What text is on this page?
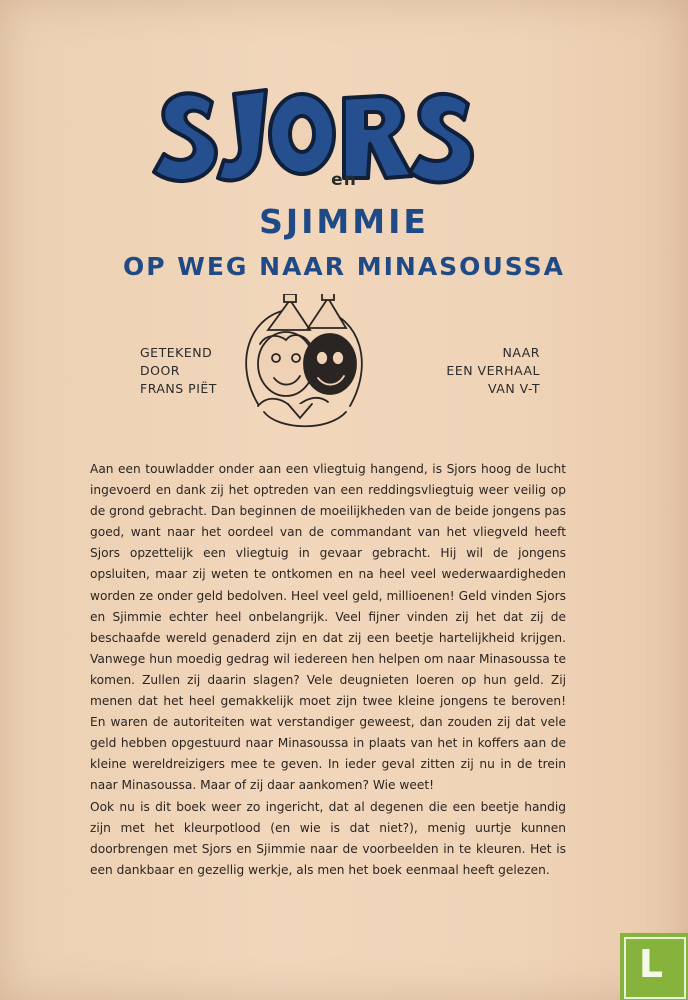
en
SJIMMIE
OP WEG NAAR MINASOUSSA
GETEKEND
DOOR
FRANS PIËT
NAAR
EEN VERHAAL
VAN V-T

Aan een touwladder onder aan een vliegtuig hangend, is Sjors hoog de lucht ingevoerd en dank zij het optreden van een reddingsvliegtuig weer veilig op de grond gebracht. Dan beginnen de moeilijkheden van de beide jongens pas goed, want naar het oordeel van de commandant van het vliegveld heeft Sjors opzettelijk een vliegtuig in gevaar gebracht. Hij wil de jongens opsluiten, maar zij weten te ontkomen en na heel veel wederwaardigheden worden ze onder geld bedolven. Heel veel geld, millioenen! Geld vinden Sjors en Sjimmie echter heel onbelangrijk. Veel fijner vinden zij het dat zij de beschaafde wereld genaderd zijn en dat zij een beetje hartelijkheid krijgen. Vanwege hun moedig gedrag wil iedereen hen helpen om naar Minasoussa te komen. Zullen zij daarin slagen? Vele deugnieten loeren op hun geld. Zij menen dat het heel gemakkelijk moet zijn twee kleine jongens te beroven! En waren de autoriteiten wat verstandiger geweest, dan zouden zij dat vele geld hebben opgestuurd naar Minasoussa in plaats van het in koffers aan de kleine wereldreizigers mee te geven. In ieder geval zitten zij nu in de trein naar Minasoussa. Maar of zij daar aankomen? Wie weet!

Ook nu is dit boek weer zo ingericht, dat al degenen die een beetje handig zijn met het kleurpotlood (en wie is dat niet?), menig uurtje kunnen doorbrengen met Sjors en Sjimmie naar de voorbeelden in te kleuren. Het is een dankbaar en gezellig werkje, als men het boek eenmaal heeft gelezen.

L
